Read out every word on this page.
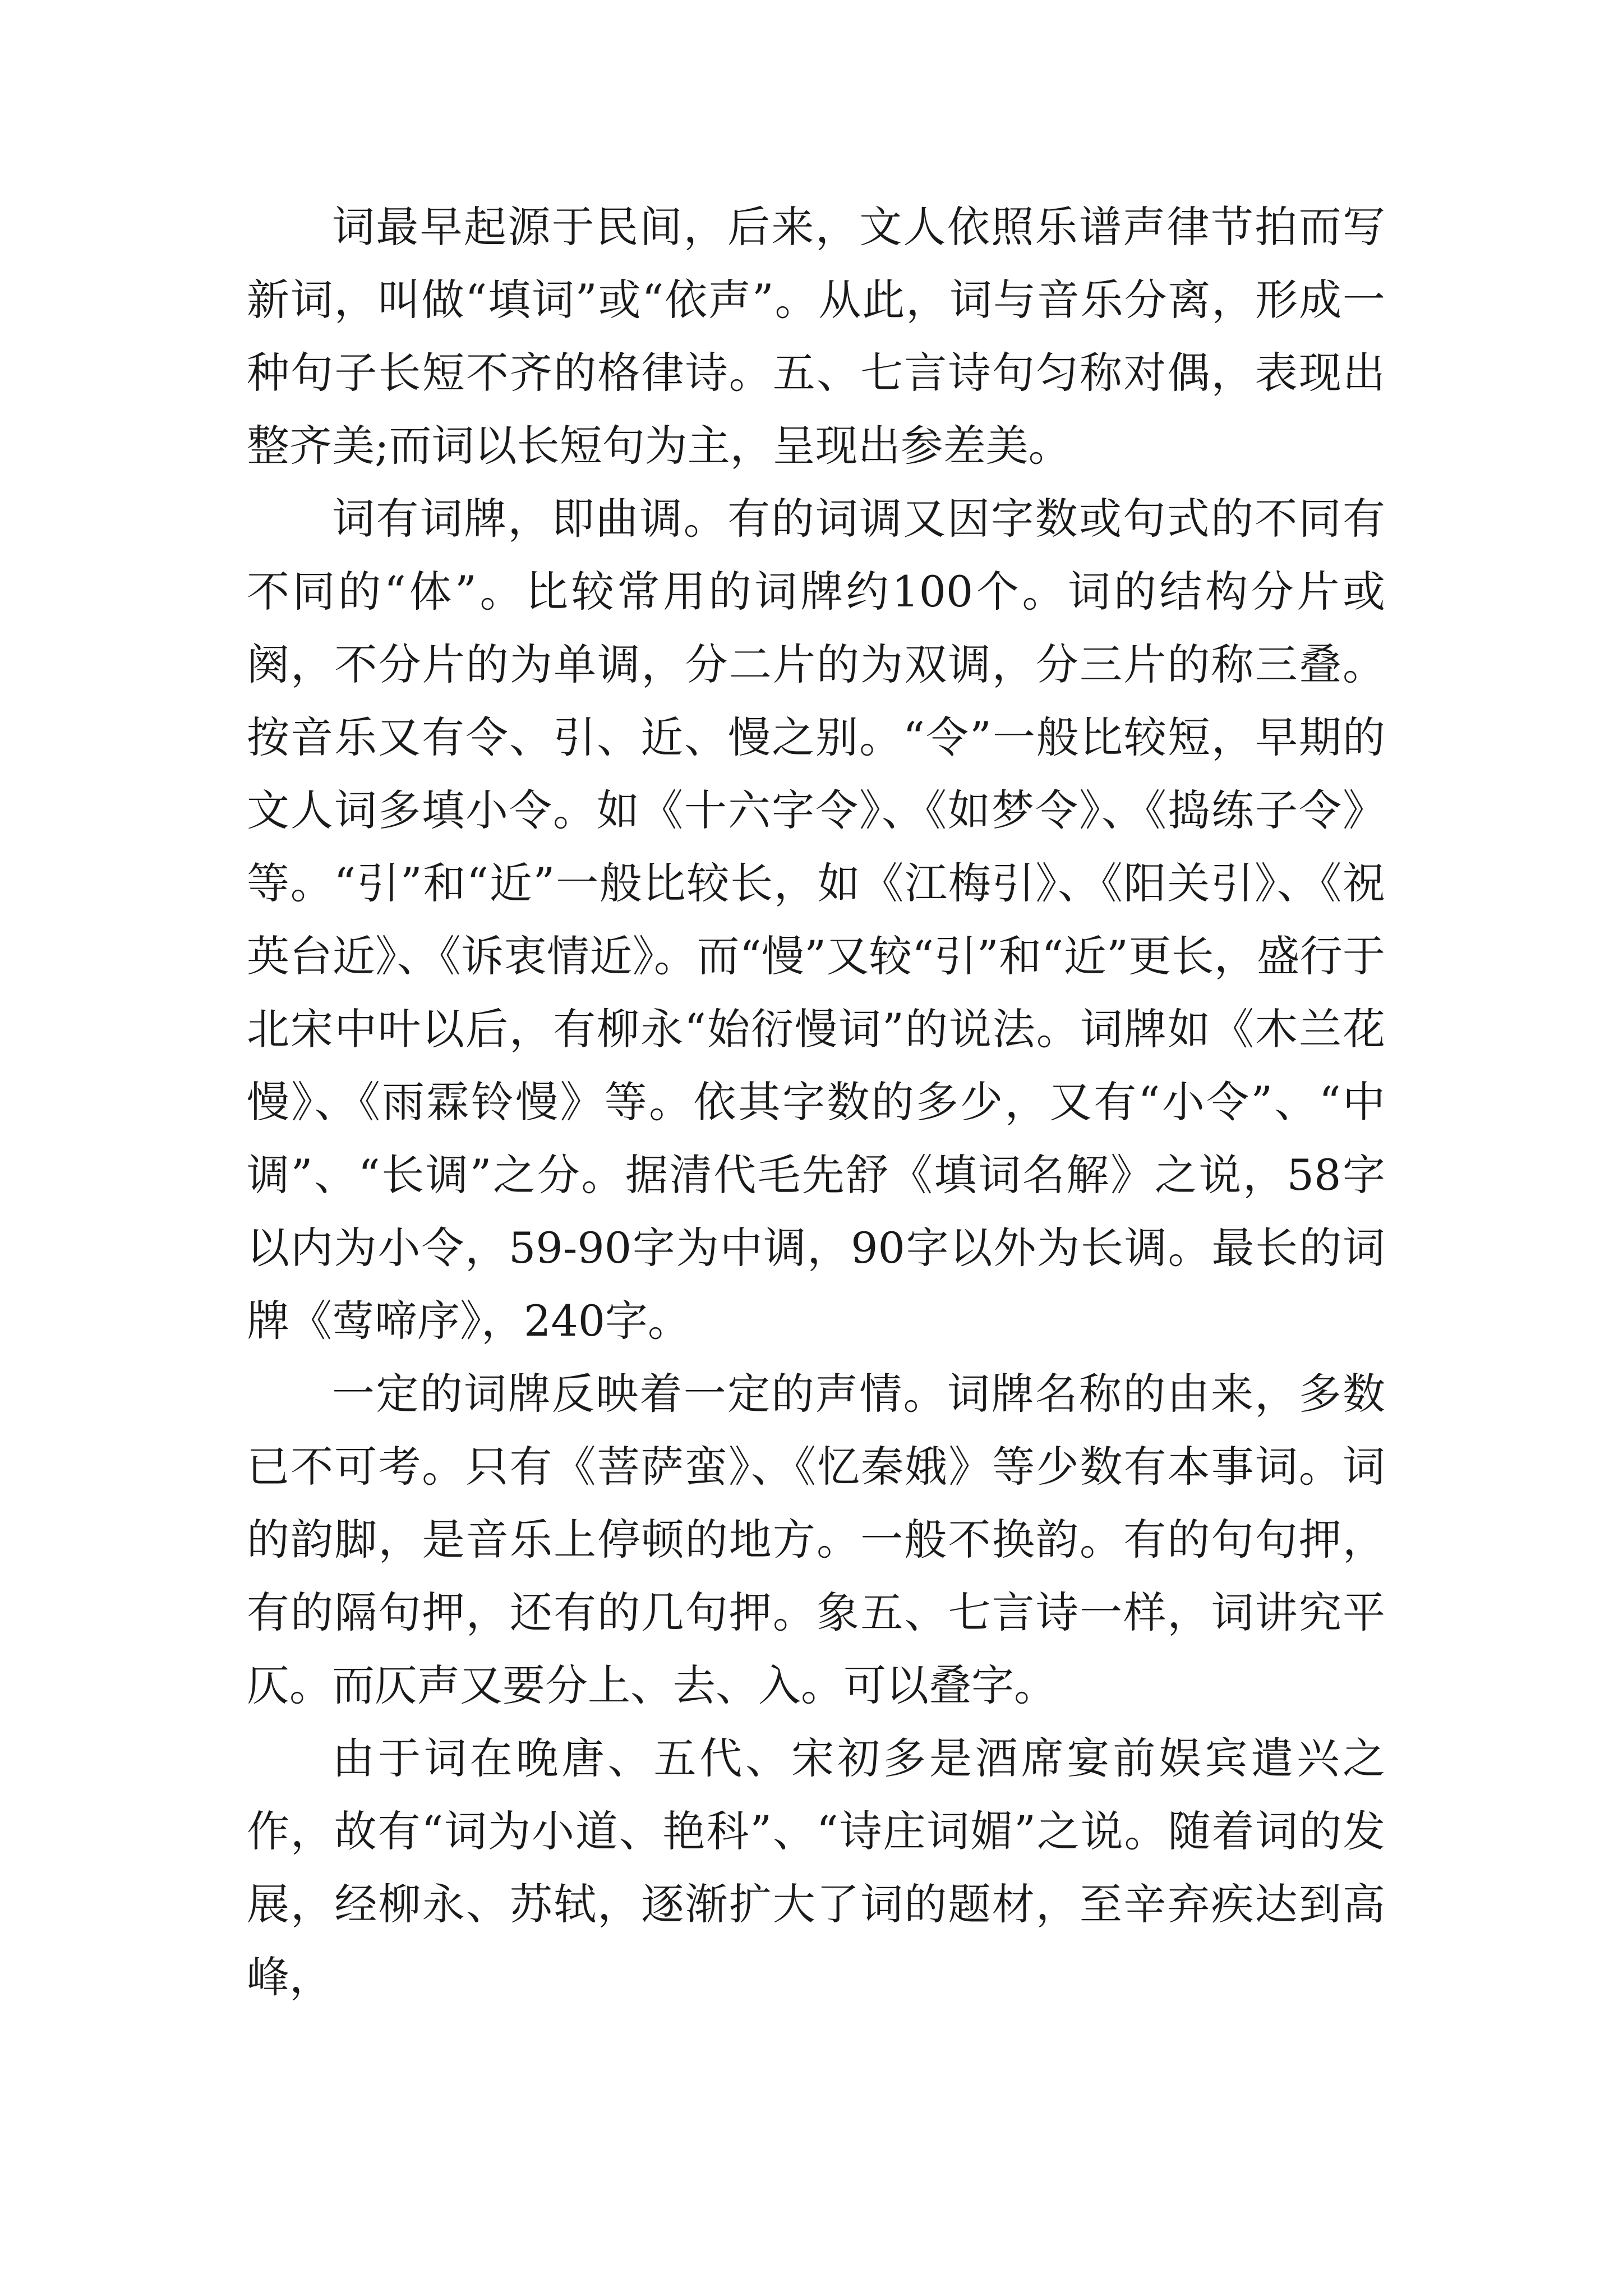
词最早起源于民间，后来，文人依照乐谱声律节拍而写新词，叫做“填词”或“依声”。从此，词与音乐分离，形成一种句子长短不齐的格律诗。五、七言诗句匀称对偶，表现出整齐美;而词以长短句为主，呈现出参差美。

词有词牌，即曲调。有的词调又因字数或句式的不同有不同的“体”。比较常用的词牌约100个。词的结构分片或阕，不分片的为单调，分二片的为双调，分三片的称三叠。按音乐又有令、引、近、慢之别。“令”一般比较短，早期的文人词多填小令。如《十六字令》、《如梦令》、《捣练子令》等。“引”和“近”一般比较长，如《江梅引》、《阳关引》、《祝英台近》、《诉衷情近》。而“慢”又较“引”和“近”更长，盛行于北宋中叶以后，有柳永“始衍慢词”的说法。词牌如《木兰花慢》、《雨霖铃慢》等。依其字数的多少，又有“小令”、“中调”、“长调”之分。据清代毛先舒《填词名解》之说，58字以内为小令，59-90字为中调，90字以外为长调。最长的词牌《莺啼序》，240字。

一定的词牌反映着一定的声情。词牌名称的由来，多数已不可考。只有《菩萨蛮》、《忆秦娥》等少数有本事词。词的韵脚，是音乐上停顿的地方。一般不换韵。有的句句押，有的隔句押，还有的几句押。象五、七言诗一样，词讲究平仄。而仄声又要分上、去、入。可以叠字。

由于词在晚唐、五代、宋初多是酒席宴前娱宾遣兴之作，故有“词为小道、艳科”、“诗庄词媚”之说。随着词的发展，经柳永、苏轼，逐渐扩大了词的题材，至辛弃疾达到高峰，
